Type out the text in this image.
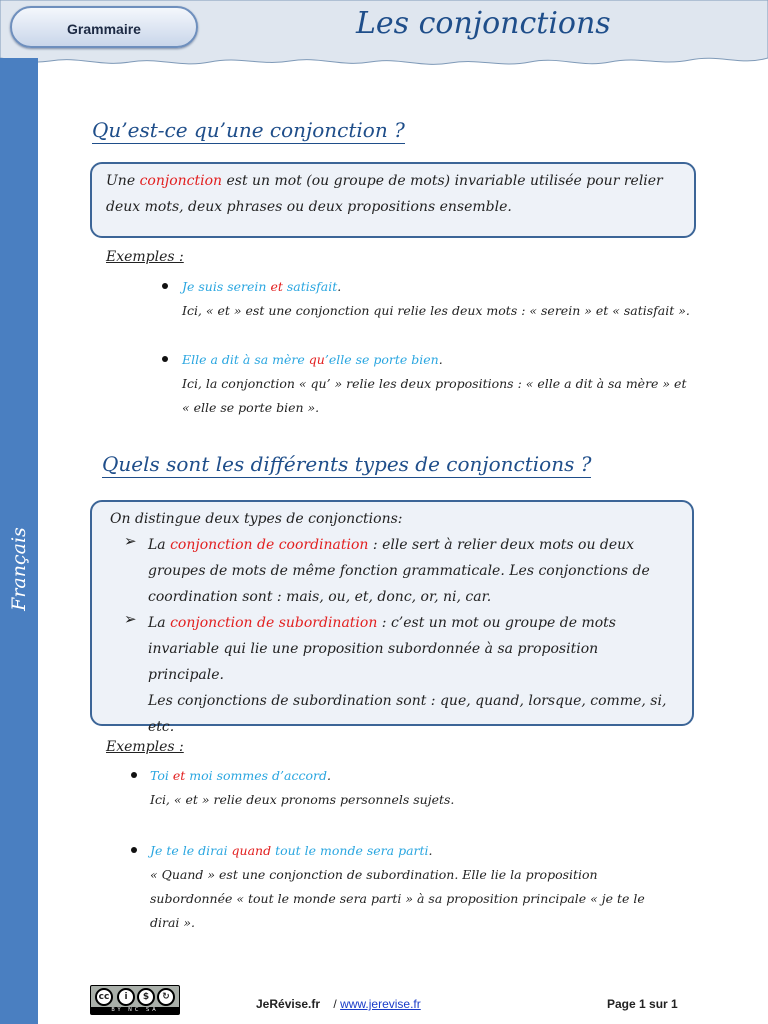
Grammaire	Les conjonctions
Français
Qu’est-ce qu’une conjonction ?

Une conjonction est un mot (ou groupe de mots) invariable utilisée pour relier

deux mots, deux phrases ou deux propositions ensemble.

Exemples :
Je suis serein et satisfait.
Ici, « et » est une conjonction qui relie les deux mots : « serein » et « satisfait ».
Elle a dit à sa mère qu’elle se porte bien.
Ici, la conjonction « qu’ » relie les deux propositions : « elle a dit à sa mère » et
« elle se porte bien ».
Quels sont les différents types de conjonctions ?

On distingue deux types de conjonctions:

➢ La conjonction de coordination : elle sert à relier deux mots ou deux

groupes de mots de même fonction grammaticale. Les conjonctions de

coordination sont : mais, ou, et, donc, or, ni, car.

➢ La conjonction de subordination : c’est un mot ou groupe de mots

invariable qui lie une proposition subordonnée à sa proposition principale.

Les conjonctions de subordination sont : que, quand, lorsque, comme, si,

etc.

Exemples :
Toi et moi sommes d’accord.
Ici, « et » relie deux pronoms personnels sujets.
Je te le dirai quand tout le monde sera parti.
« Quand » est une conjonction de subordination. Elle lie la proposition
subordonnée « tout le monde sera parti » à sa proposition principale « je te le
dirai ».
cc	i	$	↻
BY NC SA	JeRévise.fr / www.jerevise.fr	Page 1 sur 1
